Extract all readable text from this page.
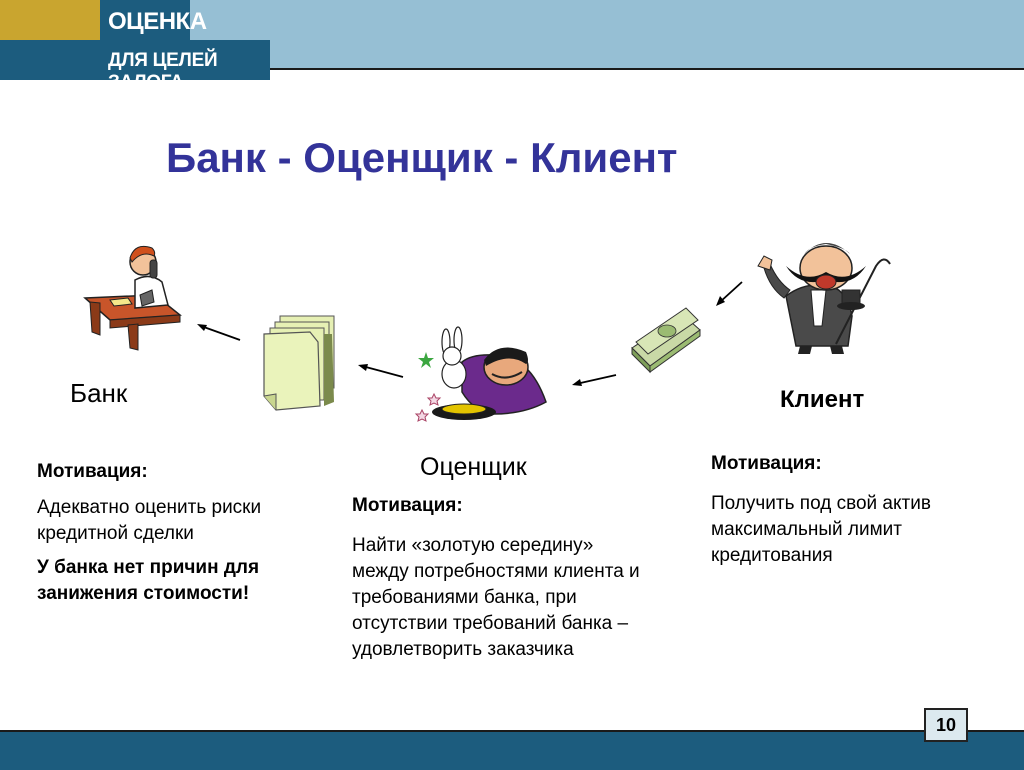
ОЦЕНКА
ДЛЯ ЦЕЛЕЙ ЗАЛОГА
Банк - Оценщик - Клиент
Банк	Клиент
Оценщик
Мотивация:
Адекватно оценить риски кредитной сделки
У банка нет причин для занижения стоимости!
Мотивация:
Найти «золотую середину» между потребностями клиента и требованиями банка, при отсутствии требований банка – удовлетворить заказчика
Мотивация:
Получить под свой актив максимальный лимит кредитования
10
